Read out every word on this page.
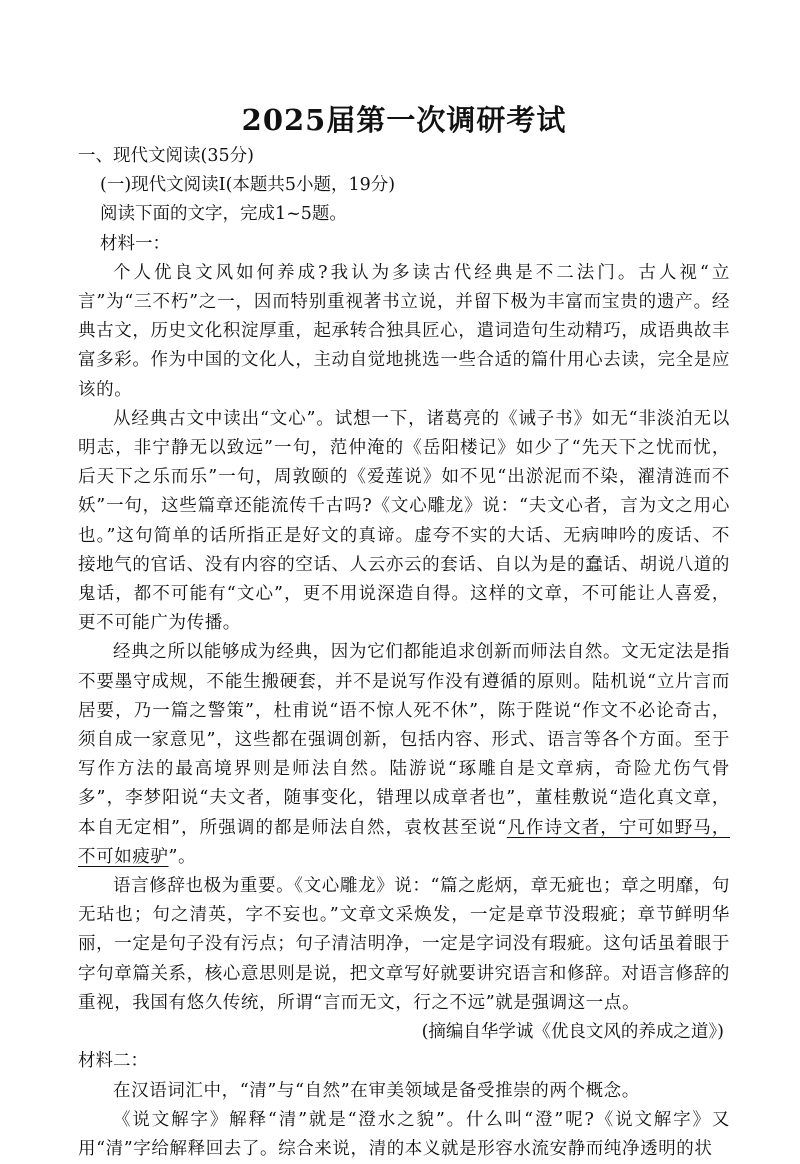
2025届第一次调研考试

一、现代文阅读(35分)

(一)现代文阅读Ⅰ(本题共5小题，19分)

阅读下面的文字，完成1~5题。

材料一：

个人优良文风如何养成?我认为多读古代经典是不二法门。古人视“立言”为“三不朽”之一，因而特别重视著书立说，并留下极为丰富而宝贵的遗产。经典古文，历史文化积淀厚重，起承转合独具匠心，遣词造句生动精巧，成语典故丰富多彩。作为中国的文化人，主动自觉地挑选一些合适的篇什用心去读，完全是应该的。

从经典古文中读出“文心”。试想一下，诸葛亮的《诫子书》如无“非淡泊无以明志，非宁静无以致远”一句，范仲淹的《岳阳楼记》如少了“先天下之忧而忧，后天下之乐而乐”一句，周敦颐的《爱莲说》如不见“出淤泥而不染，濯清涟而不妖”一句，这些篇章还能流传千古吗?《文心雕龙》说：“夫文心者，言为文之用心也。”这句简单的话所指正是好文的真谛。虚夸不实的大话、无病呻吟的废话、不接地气的官话、没有内容的空话、人云亦云的套话、自以为是的蠢话、胡说八道的鬼话，都不可能有“文心”，更不用说深造自得。这样的文章，不可能让人喜爱，更不可能广为传播。

经典之所以能够成为经典，因为它们都能追求创新而师法自然。文无定法是指不要墨守成规，不能生搬硬套，并不是说写作没有遵循的原则。陆机说“立片言而居要，乃一篇之警策”，杜甫说“语不惊人死不休”，陈于陛说“作文不必论奇古，须自成一家意见”，这些都在强调创新，包括内容、形式、语言等各个方面。至于写作方法的最高境界则是师法自然。陆游说“琢雕自是文章病，奇险尤伤气骨多”，李梦阳说“夫文者，随事变化，错理以成章者也”，董桂敷说“造化真文章，本自无定相”，所强调的都是师法自然，袁枚甚至说“凡作诗文者，宁可如野马，不可如疲驴”。

语言修辞也极为重要。《文心雕龙》说：“篇之彪炳，章无疵也；章之明靡，句无玷也；句之清英，字不妄也。”文章文采焕发，一定是章节没瑕疵；章节鲜明华丽，一定是句子没有污点；句子清洁明净，一定是字词没有瑕疵。这句话虽着眼于字句章篇关系，核心意思则是说，把文章写好就要讲究语言和修辞。对语言修辞的重视，我国有悠久传统，所谓“言而无文，行之不远”就是强调这一点。

(摘编自华学诚《优良文风的养成之道》)

材料二：

在汉语词汇中，“清”与“自然”在审美领域是备受推崇的两个概念。

《说文解字》解释“清”就是“澄水之貌”。什么叫“澄”呢?《说文解字》又用“清”字给解释回去了。综合来说，清的本义就是形容水流安静而纯净透明的状
